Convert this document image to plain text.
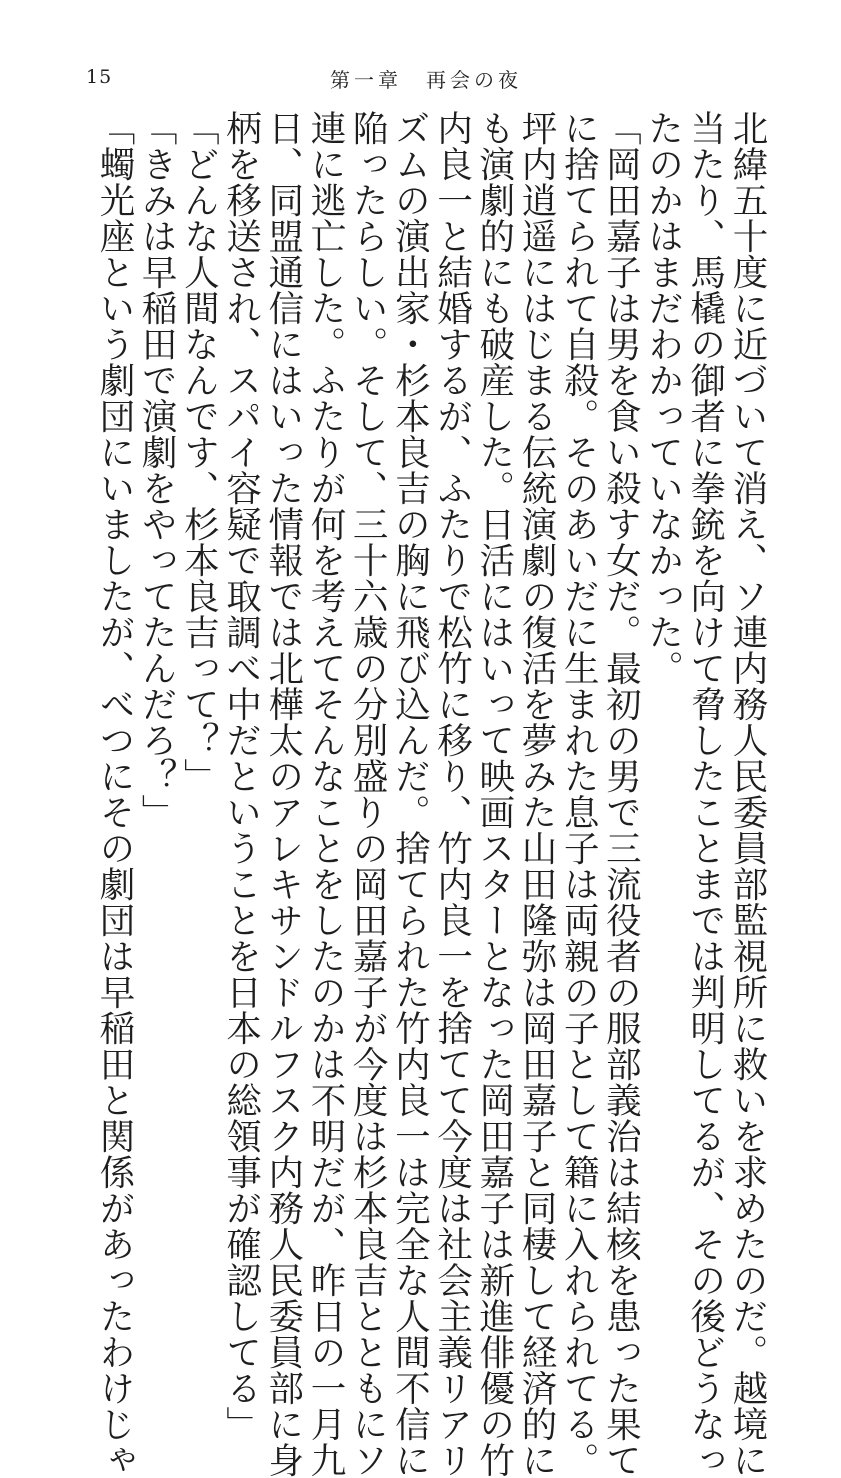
15	第一章　再会の夜
北緯五十度に近づいて消え、ソ連内務人民委員部監視所に救いを求めたのだ。越境に
当たり、馬橇の御者に拳銃を向けて脅したことまでは判明してるが、その後どうなっ
たのかはまだわかっていなかった。
「岡田嘉子は男を食い殺す女だ。最初の男で三流役者の服部義治は結核を患った果て
に捨てられて自殺。そのあいだに生まれた息子は両親の子として籍に入れられてる。
坪内逍遥にはじまる伝統演劇の復活を夢みた山田隆弥は岡田嘉子と同棲して経済的に
も演劇的にも破産した。日活にはいって映画スターとなった岡田嘉子は新進俳優の竹
内良一と結婚するが、ふたりで松竹に移り、竹内良一を捨てて今度は社会主義リアリ
ズムの演出家・杉本良吉の胸に飛び込んだ。捨てられた竹内良一は完全な人間不信に
陥ったらしい。そして、三十六歳の分別盛りの岡田嘉子が今度は杉本良吉とともにソ
連に逃亡した。ふたりが何を考えてそんなことをしたのかは不明だが、昨日の一月九
日、同盟通信にはいった情報では北樺太のアレキサンドルフスク内務人民委員部に身
柄を移送され、スパイ容疑で取調べ中だということを日本の総領事が確認してる」
「どんな人間なんです、杉本良吉って？」
「きみは早稲田で演劇をやってたんだろ？」
「蠋光座という劇団にいましたが、べつにその劇団は早稲田と関係があったわけじゃ
